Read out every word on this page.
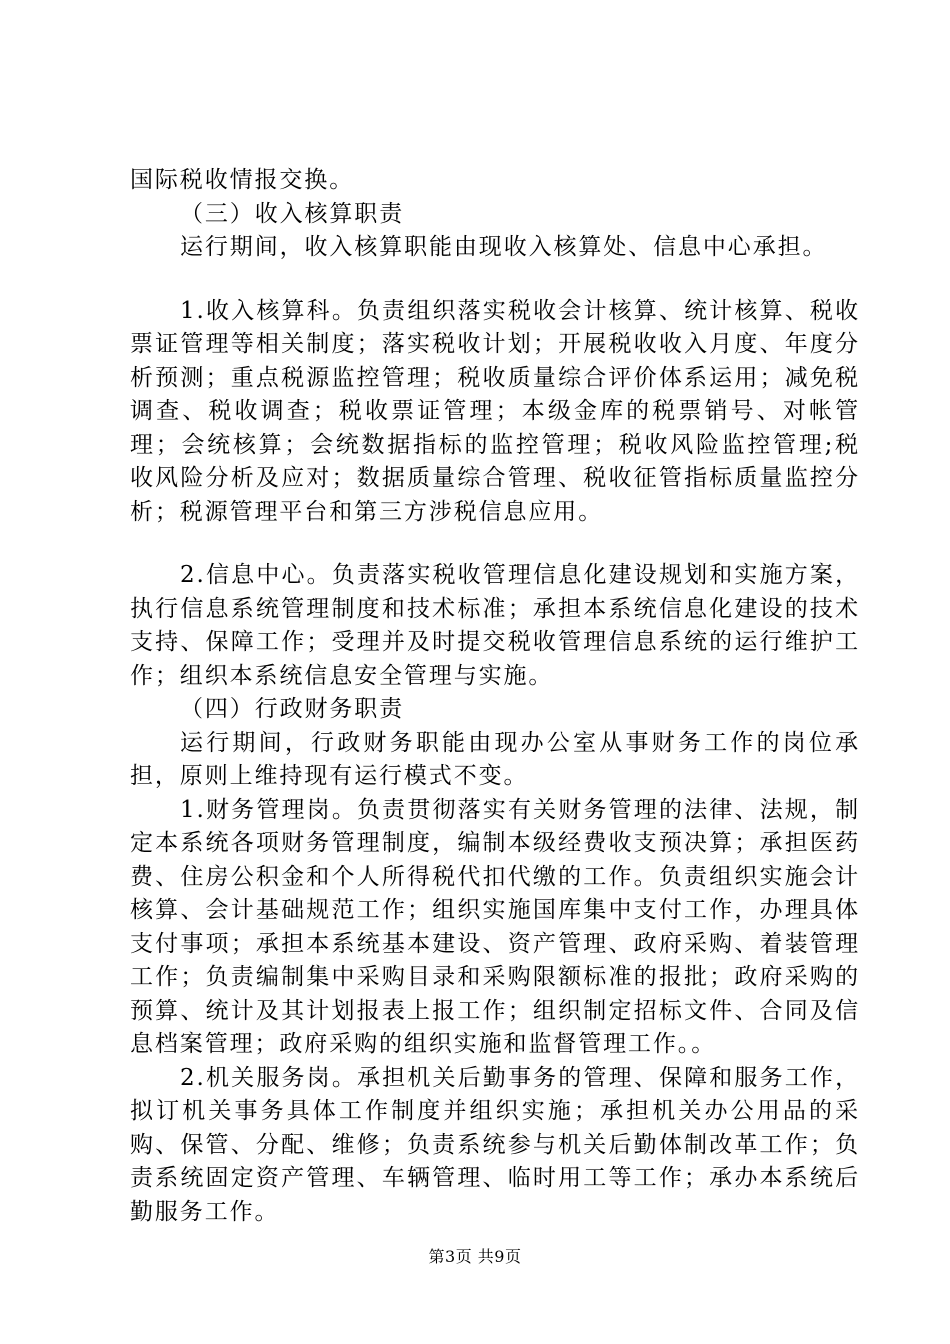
国际税收情报交换。

（三）收入核算职责

运行期间，收入核算职能由现收入核算处、信息中心承担。

1.收入核算科。负责组织落实税收会计核算、统计核算、税收票证管理等相关制度；落实税收计划；开展税收收入月度、年度分析预测；重点税源监控管理；税收质量综合评价体系运用；减免税调查、税收调查；税收票证管理；本级金库的税票销号、对帐管理；会统核算；会统数据指标的监控管理；税收风险监控管理;税收风险分析及应对；数据质量综合管理、税收征管指标质量监控分析；税源管理平台和第三方涉税信息应用。

2.信息中心。负责落实税收管理信息化建设规划和实施方案，执行信息系统管理制度和技术标准；承担本系统信息化建设的技术支持、保障工作；受理并及时提交税收管理信息系统的运行维护工作；组织本系统信息安全管理与实施。

（四）行政财务职责

运行期间，行政财务职能由现办公室从事财务工作的岗位承担，原则上维持现有运行模式不变。

1.财务管理岗。负责贯彻落实有关财务管理的法律、法规，制定本系统各项财务管理制度，编制本级经费收支预决算；承担医药费、住房公积金和个人所得税代扣代缴的工作。负责组织实施会计核算、会计基础规范工作；组织实施国库集中支付工作，办理具体支付事项；承担本系统基本建设、资产管理、政府采购、着装管理工作；负责编制集中采购目录和采购限额标准的报批；政府采购的预算、统计及其计划报表上报工作；组织制定招标文件、合同及信息档案管理；政府采购的组织实施和监督管理工作。。

2.机关服务岗。承担机关后勤事务的管理、保障和服务工作，拟订机关事务具体工作制度并组织实施；承担机关办公用品的采购、保管、分配、维修；负责系统参与机关后勤体制改革工作；负责系统固定资产管理、车辆管理、临时用工等工作；承办本系统后勤服务工作。

第3页 共9页
